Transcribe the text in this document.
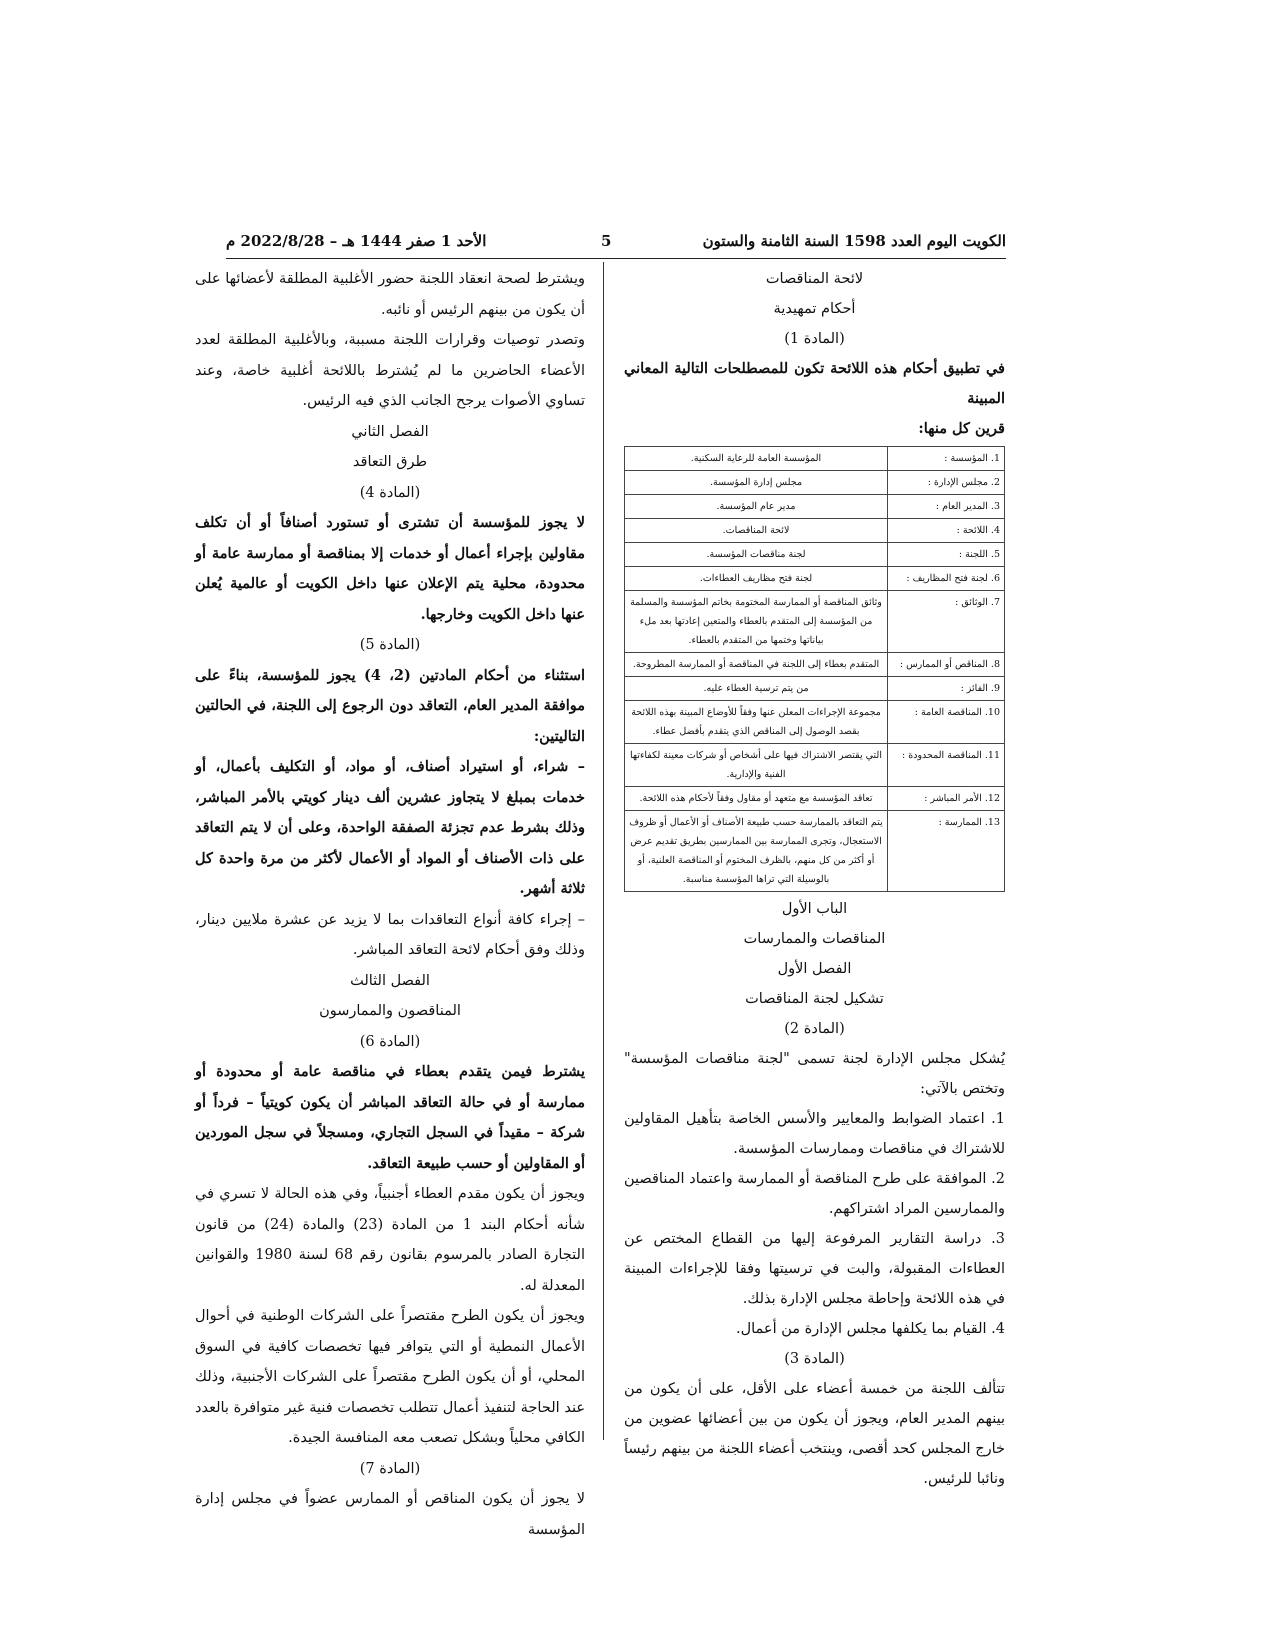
الكويت اليوم العدد 1598 السنة الثامنة والستون
5
الأحد 1 صفر 1444 هـ – 2022/8/28 م

لائحة المناقصات

أحكام تمهيدية

(المادة 1)

في تطبيق أحكام هذه اللائحة تكون للمصطلحات التالية المعاني المبينة

قرين كل منها:

1. المؤسسة :	المؤسسة العامة للرعاية السكنية.
2. مجلس الإدارة :	مجلس إدارة المؤسسة.
3. المدير العام :	مدير عام المؤسسة.
4. اللائحة :	لائحة المناقصات.
5. اللجنة :	لجنة مناقصات المؤسسة.
6. لجنة فتح المظاريف :	لجنة فتح مظاريف العطاءات.
7. الوثائق :	وثائق المناقصة أو الممارسة المختومة بخاتم المؤسسة والمسلمة من المؤسسة إلى المتقدم بالعطاء والمتعين إعادتها بعد ملء بياناتها وختمها من المتقدم بالعطاء.
8. المناقص أو الممارس :	المتقدم بعطاء إلى اللجنة في المناقصة أو الممارسة المطروحة.
9. الفائز :	من يتم ترسية العطاء عليه.
10. المناقصة العامة :	مجموعة الإجراءات المعلن عنها وفقاً للأوضاع المبينة بهذه اللائحة بقصد الوصول إلى المناقص الذي يتقدم بأفضل عطاء.
11. المناقصة المحدودة :	التي يقتصر الاشتراك فيها على أشخاص أو شركات معينة لكفاءتها الفنية والإدارية.
12. الأمر المباشر :	تعاقد المؤسسة مع متعهد أو مقاول وفقاً لأحكام هذه اللائحة.
13. الممارسة :	يتم التعاقد بالممارسة حسب طبيعة الأصناف أو الأعمال أو ظروف الاستعجال، وتجرى الممارسة بين الممارسين بطريق تقديم عرض أو أكثر من كل منهم، بالظرف المختوم أو المناقصة العلنية، أو بالوسيلة التي تراها المؤسسة مناسبة.

الباب الأول

المناقصات والممارسات

الفصل الأول

تشكيل لجنة المناقصات

(المادة 2)

يُشكل مجلس الإدارة لجنة تسمى "لجنة مناقصات المؤسسة" وتختص بالآتي:

1. اعتماد الضوابط والمعايير والأسس الخاصة بتأهيل المقاولين للاشتراك في مناقصات وممارسات المؤسسة.

2. الموافقة على طرح المناقصة أو الممارسة واعتماد المناقصين والممارسين المراد اشتراكهم.

3. دراسة التقارير المرفوعة إليها من القطاع المختص عن العطاءات المقبولة، والبت في ترسيتها وفقا للإجراءات المبينة في هذه اللائحة وإحاطة مجلس الإدارة بذلك.

4. القيام بما يكلفها مجلس الإدارة من أعمال.

(المادة 3)

تتألف اللجنة من خمسة أعضاء على الأقل، على أن يكون من بينهم المدير العام، ويجوز أن يكون من بين أعضائها عضوين من خارج المجلس كحد أقصى، وينتخب أعضاء اللجنة من بينهم رئيساً ونائبا للرئيس.

ويشترط لصحة انعقاد اللجنة حضور الأغلبية المطلقة لأعضائها على أن يكون من بينهم الرئيس أو نائبه.

وتصدر توصيات وقرارات اللجنة مسببة، وبالأغلبية المطلقة لعدد الأعضاء الحاضرين ما لم يُشترط باللائحة أغلبية خاصة، وعند تساوي الأصوات يرجح الجانب الذي فيه الرئيس.

الفصل الثاني

طرق التعاقد

(المادة 4)

لا يجوز للمؤسسة أن تشترى أو تستورد أصنافاً أو أن تكلف مقاولين بإجراء أعمال أو خدمات إلا بمناقصة أو ممارسة عامة أو محدودة، محلية يتم الإعلان عنها داخل الكويت أو عالمية يُعلن عنها داخل الكويت وخارجها.

(المادة 5)

استثناء من أحكام المادتين (2، 4) يجوز للمؤسسة، بناءً على موافقة المدير العام، التعاقد دون الرجوع إلى اللجنة، في الحالتين التاليتين:

– شراء، أو استيراد أصناف، أو مواد، أو التكليف بأعمال، أو خدمات بمبلغ لا يتجاوز عشرين ألف دينار كويتي بالأمر المباشر، وذلك بشرط عدم تجزئة الصفقة الواحدة، وعلى أن لا يتم التعاقد على ذات الأصناف أو المواد أو الأعمال لأكثر من مرة واحدة كل ثلاثة أشهر.

– إجراء كافة أنواع التعاقدات بما لا يزيد عن عشرة ملايين دينار، وذلك وفق أحكام لائحة التعاقد المباشر.

الفصل الثالث

المناقصون والممارسون

(المادة 6)

يشترط فيمن يتقدم بعطاء في مناقصة عامة أو محدودة أو ممارسة أو في حالة التعاقد المباشر أن يكون كويتياً – فرداً أو شركة – مقيداً في السجل التجاري، ومسجلاً في سجل الموردين أو المقاولين أو حسب طبيعة التعاقد.

ويجوز أن يكون مقدم العطاء أجنبياً، وفي هذه الحالة لا تسري في شأنه أحكام البند 1 من المادة (23) والمادة (24) من قانون التجارة الصادر بالمرسوم بقانون رقم 68 لسنة 1980 والقوانين المعدلة له.

ويجوز أن يكون الطرح مقتصراً على الشركات الوطنية في أحوال الأعمال النمطية أو التي يتوافر فيها تخصصات كافية في السوق المحلي، أو أن يكون الطرح مقتصراً على الشركات الأجنبية، وذلك عند الحاجة لتنفيذ أعمال تتطلب تخصصات فنية غير متوافرة بالعدد الكافي محلياً وبشكل تصعب معه المنافسة الجيدة.

(المادة 7)

لا يجوز أن يكون المناقص أو الممارس عضواً في مجلس إدارة المؤسسة
